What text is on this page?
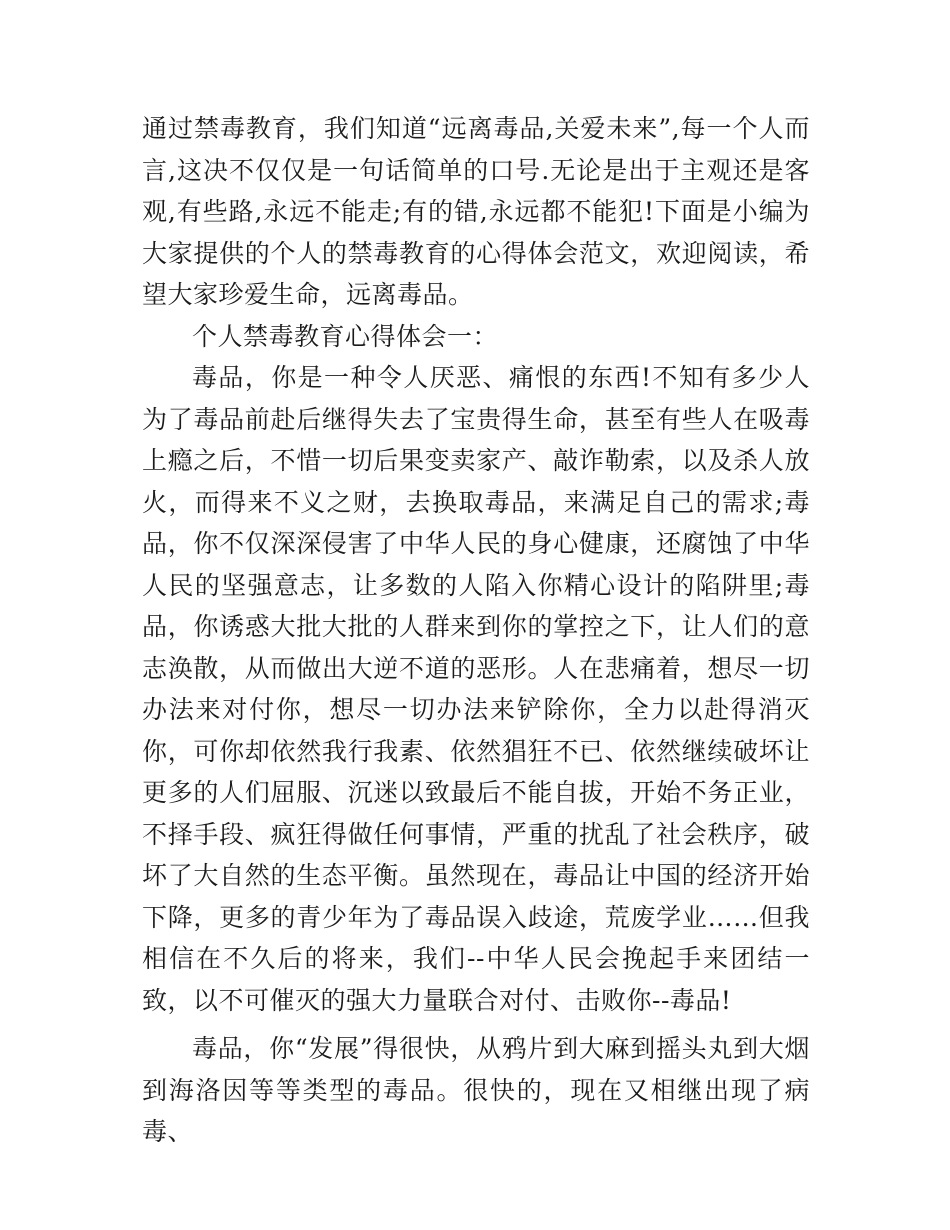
通过禁毒教育，我们知道“远离毒品,关爱未来”,每一个人而言,这决不仅仅是一句话简单的口号.无论是出于主观还是客观,有些路,永远不能走;有的错,永远都不能犯!下面是小编为大家提供的个人的禁毒教育的心得体会范文，欢迎阅读，希望大家珍爱生命，远离毒品。

个人禁毒教育心得体会一：

毒品，你是一种令人厌恶、痛恨的东西!不知有多少人为了毒品前赴后继得失去了宝贵得生命，甚至有些人在吸毒上瘾之后，不惜一切后果变卖家产、敲诈勒索，以及杀人放火，而得来不义之财，去换取毒品，来满足自己的需求;毒品，你不仅深深侵害了中华人民的身心健康，还腐蚀了中华人民的坚强意志，让多数的人陷入你精心设计的陷阱里;毒品，你诱惑大批大批的人群来到你的掌控之下，让人们的意志涣散，从而做出大逆不道的恶形。人在悲痛着，想尽一切办法来对付你，想尽一切办法来铲除你，全力以赴得消灭你，可你却依然我行我素、依然猖狂不已、依然继续破坏让更多的人们屈服、沉迷以致最后不能自拔，开始不务正业，不择手段、疯狂得做任何事情，严重的扰乱了社会秩序，破坏了大自然的生态平衡。虽然现在，毒品让中国的经济开始下降，更多的青少年为了毒品误入歧途，荒废学业……但我相信在不久后的将来，我们--中华人民会挽起手来团结一致，以不可催灭的强大力量联合对付、击败你--毒品!

毒品，你“发展”得很快，从鸦片到大麻到摇头丸到大烟到海洛因等等类型的毒品。很快的，现在又相继出现了病毒、
